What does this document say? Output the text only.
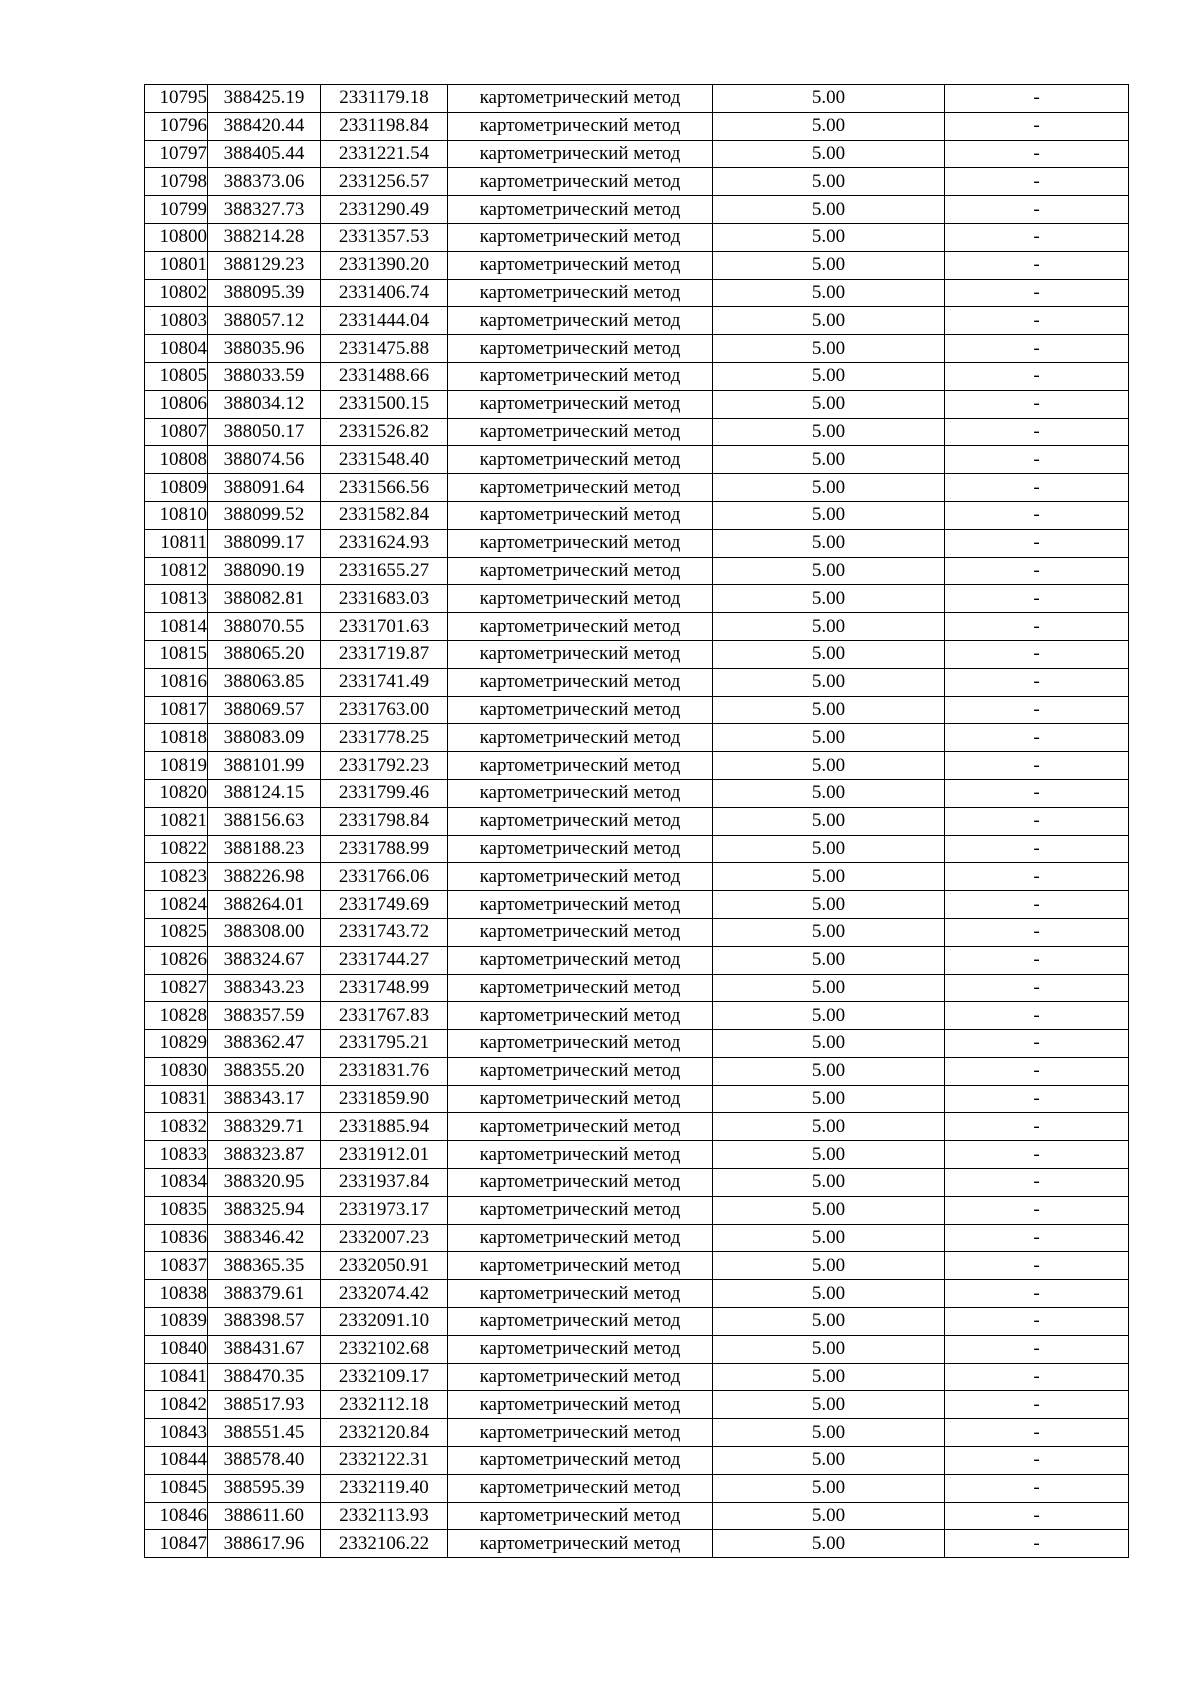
10795	388425.19	2331179.18	картометрический метод	5.00	-
10796	388420.44	2331198.84	картометрический метод	5.00	-
10797	388405.44	2331221.54	картометрический метод	5.00	-
10798	388373.06	2331256.57	картометрический метод	5.00	-
10799	388327.73	2331290.49	картометрический метод	5.00	-
10800	388214.28	2331357.53	картометрический метод	5.00	-
10801	388129.23	2331390.20	картометрический метод	5.00	-
10802	388095.39	2331406.74	картометрический метод	5.00	-
10803	388057.12	2331444.04	картометрический метод	5.00	-
10804	388035.96	2331475.88	картометрический метод	5.00	-
10805	388033.59	2331488.66	картометрический метод	5.00	-
10806	388034.12	2331500.15	картометрический метод	5.00	-
10807	388050.17	2331526.82	картометрический метод	5.00	-
10808	388074.56	2331548.40	картометрический метод	5.00	-
10809	388091.64	2331566.56	картометрический метод	5.00	-
10810	388099.52	2331582.84	картометрический метод	5.00	-
10811	388099.17	2331624.93	картометрический метод	5.00	-
10812	388090.19	2331655.27	картометрический метод	5.00	-
10813	388082.81	2331683.03	картометрический метод	5.00	-
10814	388070.55	2331701.63	картометрический метод	5.00	-
10815	388065.20	2331719.87	картометрический метод	5.00	-
10816	388063.85	2331741.49	картометрический метод	5.00	-
10817	388069.57	2331763.00	картометрический метод	5.00	-
10818	388083.09	2331778.25	картометрический метод	5.00	-
10819	388101.99	2331792.23	картометрический метод	5.00	-
10820	388124.15	2331799.46	картометрический метод	5.00	-
10821	388156.63	2331798.84	картометрический метод	5.00	-
10822	388188.23	2331788.99	картометрический метод	5.00	-
10823	388226.98	2331766.06	картометрический метод	5.00	-
10824	388264.01	2331749.69	картометрический метод	5.00	-
10825	388308.00	2331743.72	картометрический метод	5.00	-
10826	388324.67	2331744.27	картометрический метод	5.00	-
10827	388343.23	2331748.99	картометрический метод	5.00	-
10828	388357.59	2331767.83	картометрический метод	5.00	-
10829	388362.47	2331795.21	картометрический метод	5.00	-
10830	388355.20	2331831.76	картометрический метод	5.00	-
10831	388343.17	2331859.90	картометрический метод	5.00	-
10832	388329.71	2331885.94	картометрический метод	5.00	-
10833	388323.87	2331912.01	картометрический метод	5.00	-
10834	388320.95	2331937.84	картометрический метод	5.00	-
10835	388325.94	2331973.17	картометрический метод	5.00	-
10836	388346.42	2332007.23	картометрический метод	5.00	-
10837	388365.35	2332050.91	картометрический метод	5.00	-
10838	388379.61	2332074.42	картометрический метод	5.00	-
10839	388398.57	2332091.10	картометрический метод	5.00	-
10840	388431.67	2332102.68	картометрический метод	5.00	-
10841	388470.35	2332109.17	картометрический метод	5.00	-
10842	388517.93	2332112.18	картометрический метод	5.00	-
10843	388551.45	2332120.84	картометрический метод	5.00	-
10844	388578.40	2332122.31	картометрический метод	5.00	-
10845	388595.39	2332119.40	картометрический метод	5.00	-
10846	388611.60	2332113.93	картометрический метод	5.00	-
10847	388617.96	2332106.22	картометрический метод	5.00	-
